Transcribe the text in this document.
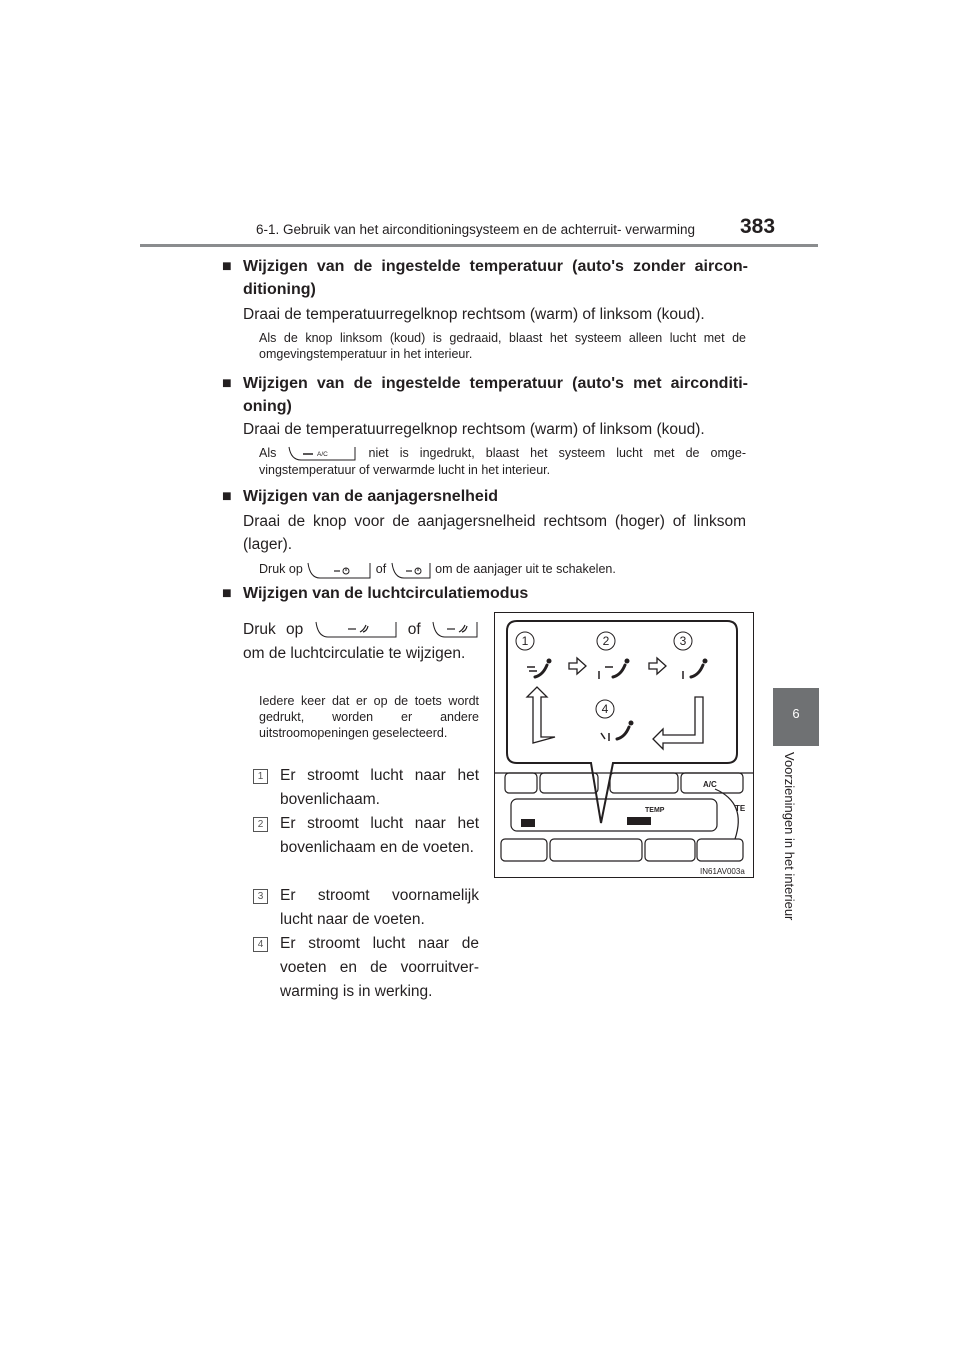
6-1. Gebruik van het airconditioningsysteem en de achterruit- verwarming 383
6
Voorzieningen in het interieur
■ Wijzigen van de ingestelde temperatuur (auto's zonder airconditioning)
Draai de temperatuurregelknop rechtsom (warm) of linksom (koud).
Als de knop linksom (koud) is gedraaid, blaast het systeem alleen lucht met de omgevingstemperatuur in het interieur.
■ Wijzigen van de ingestelde temperatuur (auto's met airconditioning)
Draai de temperatuurregelknop rechtsom (warm) of linksom (koud).
Als	A/C	niet is ingedrukt, blaast het systeem lucht met de omgevingstemperatuur of verwarmde lucht in het interieur.
■ Wijzigen van de aanjagersnelheid
Draai de knop voor de aanjagersnelheid rechtsom (hoger) of linksom (lager).
Druk op	of	om de aanjager uit te schakelen.
■ Wijzigen van de luchtcirculatiemodus
Druk op	of
om de luchtcirculatie te wijzigen.
Iedere keer dat er op de toets wordt gedrukt, worden er andere uitstroomopeningen geselecteerd.
1	Er stroomt lucht naar het bovenlichaam.
2	Er stroomt lucht naar het bovenlichaam en de voeten.
3	Er stroomt voornamelijk lucht naar de voeten.
4	Er stroomt lucht naar de voeten en de voorruitverwarming is in werking.
1	2	3
4
A/C
TEMP	TE
IN61AV003a
